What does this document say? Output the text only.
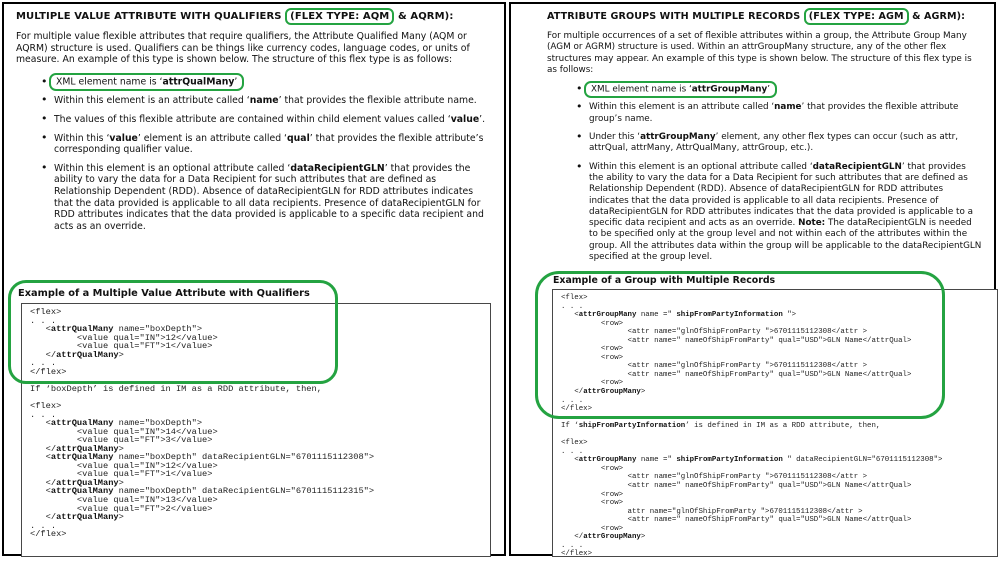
MULTIPLE VALUE ATTRIBUTE WITH QUALIFIERS (FLEX TYPE: AQM & AQRM):

For multiple value flexible attributes that require qualifiers, the Attribute Qualified Many (AQM or AQRM) structure is used. Qualifiers can be things like currency codes, language codes, or units of measure. An example of this type is shown below. The structure of this flex type is as follows:

• XML element name is ‘attrQualMany’
• Within this element is an attribute called ‘name’ that provides the flexible attribute name.
• The values of this flexible attribute are contained within child element values called ‘value’.
• Within this ‘value’ element is an attribute called ‘qual’ that provides the flexible attribute’s corresponding qualifier value.
• Within this element is an optional attribute called ‘dataRecipientGLN’ that provides the ability to vary the data for a Data Recipient for such attributes that are defined as Relationship Dependent (RDD). Absence of dataRecipientGLN for RDD attributes indicates that the data provided is applicable to all data recipients. Presence of dataRecipientGLN for RDD attributes indicates that the data provided is applicable to a specific data recipient and acts as an override.
Example of a Multiple Value Attribute with Qualifiers
<flex>
. . .
<attrQualMany name="boxDepth">
<value qual="IN">12</value>
<value qual="FT">1</value>
</attrQualMany>
. . .
</flex>

If ‘boxDepth’ is defined in IM as a RDD attribute, then,

<flex>
. . .
<attrQualMany name="boxDepth">
<value qual="IN">14</value>
<value qual="FT">3</value>
</attrQualMany>
<attrQualMany name="boxDepth" dataRecipientGLN="6701115112308">
<value qual="IN">12</value>
<value qual="FT">1</value>
</attrQualMany>
<attrQualMany name="boxDepth" dataRecipientGLN="6701115112315">
<value qual="IN">13</value>
<value qual="FT">2</value>
</attrQualMany>
. . .
</flex>
ATTRIBUTE GROUPS WITH MULTIPLE RECORDS (FLEX TYPE: AGM & AGRM):

For multiple occurrences of a set of flexible attributes within a group, the Attribute Group Many (AGM or AGRM) structure is used. Within an attrGroupMany structure, any of the other flex structures may appear. An example of this type is shown below. The structure of this flex type is as follows:

• XML element name is ‘attrGroupMany’
• Within this element is an attribute called ‘name’ that provides the flexible attribute group’s name.
• Under this ‘attrGroupMany’ element, any other flex types can occur (such as attr, attrQual, attrMany, AttrQualMany, attrGroup, etc.).
• Within this element is an optional attribute called ‘dataRecipientGLN’ that provides the ability to vary the data for a Data Recipient for such attributes that are defined as Relationship Dependent (RDD). Absence of dataRecipientGLN for RDD attributes indicates that the data provided is applicable to all data recipients. Presence of dataRecipientGLN for RDD attributes indicates that the data provided is applicable to a specific data recipient and acts as an override. Note: The dataRecipientGLN is needed to be specified only at the group level and not within each of the attributes within the group. All the attributes data within the group will be applicable to the dataRecipientGLN specified at the group level.
Example of a Group with Multiple Records
<flex>
. . .
<attrGroupMany name =" shipFromPartyInformation ">
<row>
<attr name="glnOfShipFromParty ">6701115112308</attr >
<attr name=" nameOfShipFromParty" qual="USD">GLN Name</attrQual>
<row>
<row>
<attr name="glnOfShipFromParty ">6701115112308</attr >
<attr name=" nameOfShipFromParty" qual="USD">GLN Name</attrQual>
<row>
</attrGroupMany>
. . .
</flex>

If ‘shipFromPartyInformation’ is defined in IM as a RDD attribute, then,

<flex>
. . .
<attrGroupMany name =" shipFromPartyInformation " dataRecipientGLN="6701115112308">
<row>
<attr name="glnOfShipFromParty ">6701115112308</attr >
<attr name=" nameOfShipFromParty" qual="USD">GLN Name</attrQual>
<row>
<row>
attr name="glnOfShipFromParty ">6701115112308</attr >
<attr name=" nameOfShipFromParty" qual="USD">GLN Name</attrQual>
<row>
</attrGroupMany>
. . .
</flex>
